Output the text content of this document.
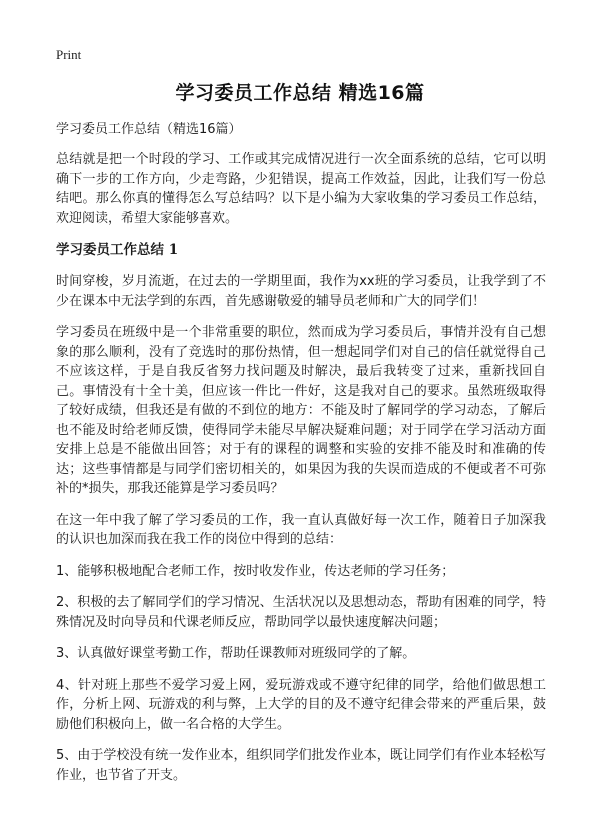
Print
学习委员工作总结 精选16篇
学习委员工作总结（精选16篇）

总结就是把一个时段的学习、工作或其完成情况进行一次全面系统的总结，它可以明确下一步的工作方向，少走弯路，少犯错误，提高工作效益，因此，让我们写一份总结吧。那么你真的懂得怎么写总结吗？以下是小编为大家收集的学习委员工作总结，欢迎阅读，希望大家能够喜欢。

学习委员工作总结 1

时间穿梭，岁月流逝，在过去的一学期里面，我作为xx班的学习委员，让我学到了不少在课本中无法学到的东西，首先感谢敬爱的辅导员老师和广大的同学们！

学习委员在班级中是一个非常重要的职位，然而成为学习委员后，事情并没有自己想象的那么顺利，没有了竞选时的那份热情，但一想起同学们对自己的信任就觉得自己不应该这样，于是自我反省努力找问题及时解决，最后我转变了过来，重新找回自己。事情没有十全十美，但应该一件比一件好，这是我对自己的要求。虽然班级取得了较好成绩，但我还是有做的不到位的地方：不能及时了解同学的学习动态，了解后也不能及时给老师反馈，使得同学未能尽早解决疑难问题；对于同学在学习活动方面安排上总是不能做出回答；对于有的课程的调整和实验的安排不能及时和准确的传达；这些事情都是与同学们密切相关的，如果因为我的失误而造成的不便或者不可弥补的*损失，那我还能算是学习委员吗？

在这一年中我了解了学习委员的工作，我一直认真做好每一次工作，随着日子加深我的认识也加深而我在我工作的岗位中得到的总结：

1、能够积极地配合老师工作，按时收发作业，传达老师的学习任务；

2、积极的去了解同学们的学习情况、生活状况以及思想动态，帮助有困难的同学，特殊情况及时向导员和代课老师反应，帮助同学以最快速度解决问题；

3、认真做好课堂考勤工作，帮助任课教师对班级同学的了解。

4、针对班上那些不爱学习爱上网，爱玩游戏或不遵守纪律的同学，给他们做思想工作，分析上网、玩游戏的利与弊，上大学的目的及不遵守纪律会带来的严重后果，鼓励他们积极向上，做一名合格的大学生。

5、由于学校没有统一发作业本，组织同学们批发作业本，既让同学们有作业本轻松写作业，也节省了开支。
